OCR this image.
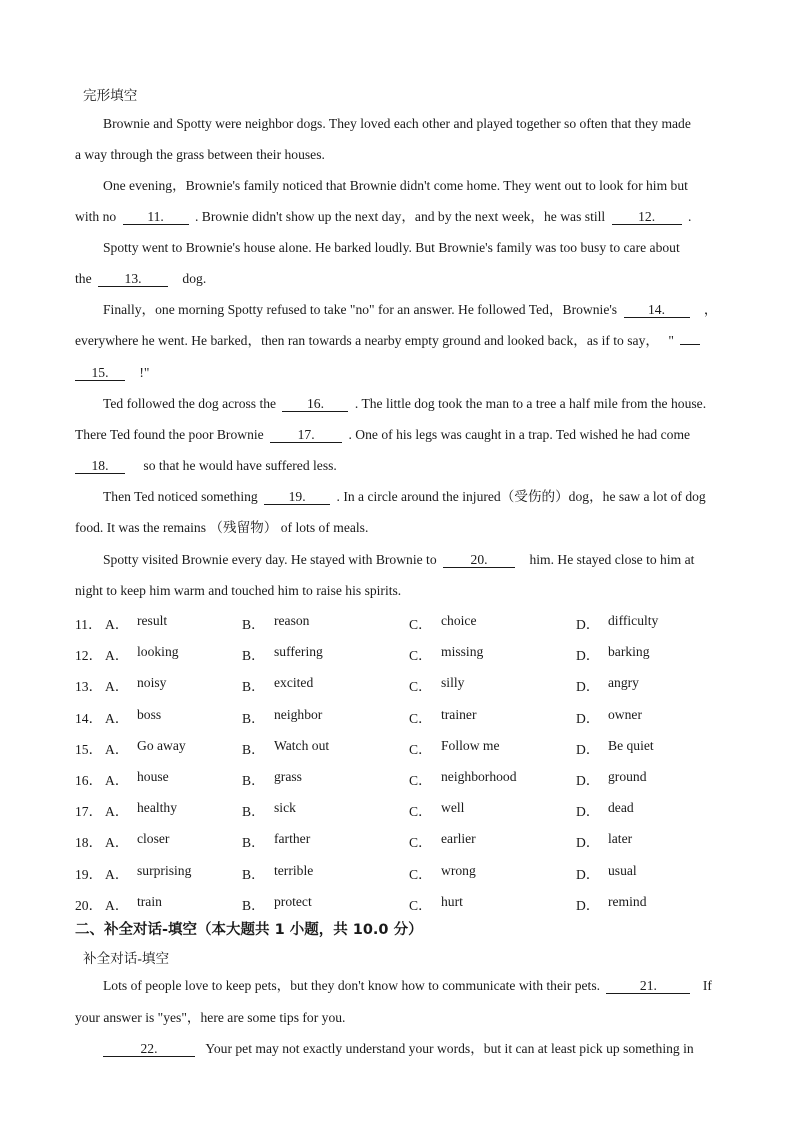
完形填空
Brownie and Spotty were neighbor dogs. They loved each other and played together so often that they made
a way through the grass between their houses.
One evening，Brownie's family noticed that Brownie didn't come home. They went out to look for him but
with no 11. . Brownie didn't show up the next day，and by the next week，he was still 12. .
Spotty went to Brownie's house alone. He barked loudly. But Brownie's family was too busy to care about
the 13.	dog.
Finally，one morning Spotty refused to take "no" for an answer. He followed Ted，Brownie's 14.	，
everywhere he went. He barked，then ran towards a nearby empty ground and looked back，as if to say， "
15. !"
Ted followed the dog across the 16. . The little dog took the man to a tree a half mile from the house.
There Ted found the poor Brownie 17. . One of his legs was caught in a trap. Ted wished he had come
18.	so that he would have suffered less.
Then Ted noticed something 19. . In a circle around the injured（受伤的）dog，he saw a lot of dog
food. It was the remains （残留物） of lots of meals.
Spotty visited Brownie every day. He stayed with Brownie to 20.	him. He stayed close to him at
night to keep him warm and touched him to raise his spirits.
11． A． result	B． reason	C． choice	D． difficulty
12． A． looking	B． suffering	C． missing	D． barking
13． A． noisy	B． excited	C． silly	D． angry
14． A． boss	B． neighbor	C． trainer	D． owner
15． A． Go away	B． Watch out	C． Follow me	D． Be quiet
16． A． house	B． grass	C． neighborhood	D． ground
17． A． healthy	B． sick	C． well	D． dead
18． A． closer	B． farther	C． earlier	D． later
19． A． surprising	B． terrible	C． wrong	D． usual
20． A． train	B． protect	C． hurt	D． remind
二、补全对话-填空（本大题共 1 小题，共 10.0 分）
补全对话-填空
Lots of people love to keep pets，but they don't know how to communicate with their pets.	21.	If
your answer is "yes"，here are some tips for you.
22.	Your pet may not exactly understand your words，but it can at least pick up something in
